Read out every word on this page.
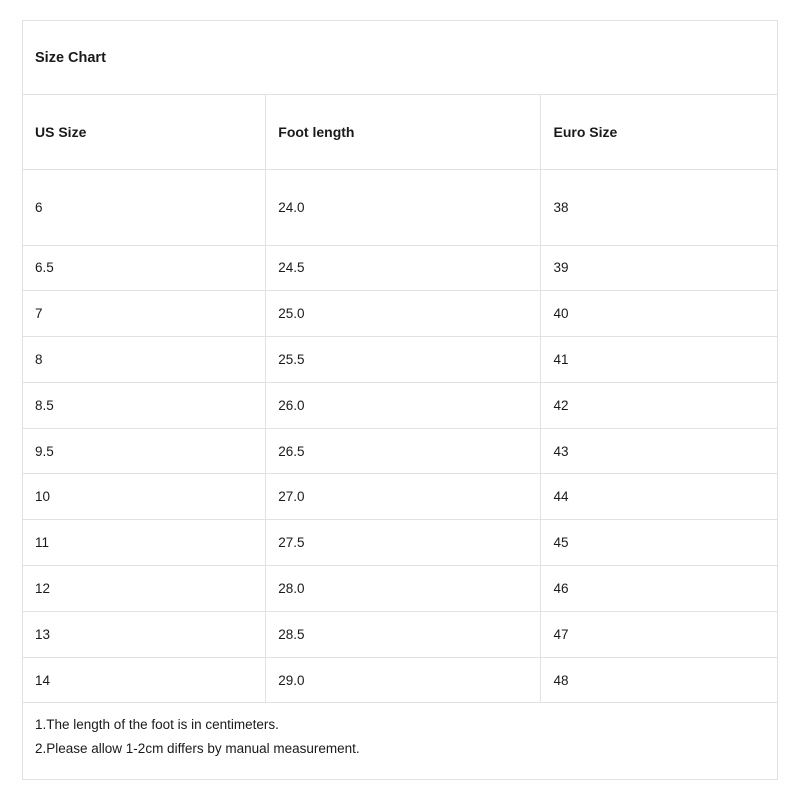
Size Chart
US Size	Foot length	Euro Size
6	24.0	38
6.5	24.5	39
7	25.0	40
8	25.5	41
8.5	26.0	42
9.5	26.5	43
10	27.0	44
11	27.5	45
12	28.0	46
13	28.5	47
14	29.0	48
1.The length of the foot is in centimeters.
2.Please allow 1-2cm differs by manual measurement.
